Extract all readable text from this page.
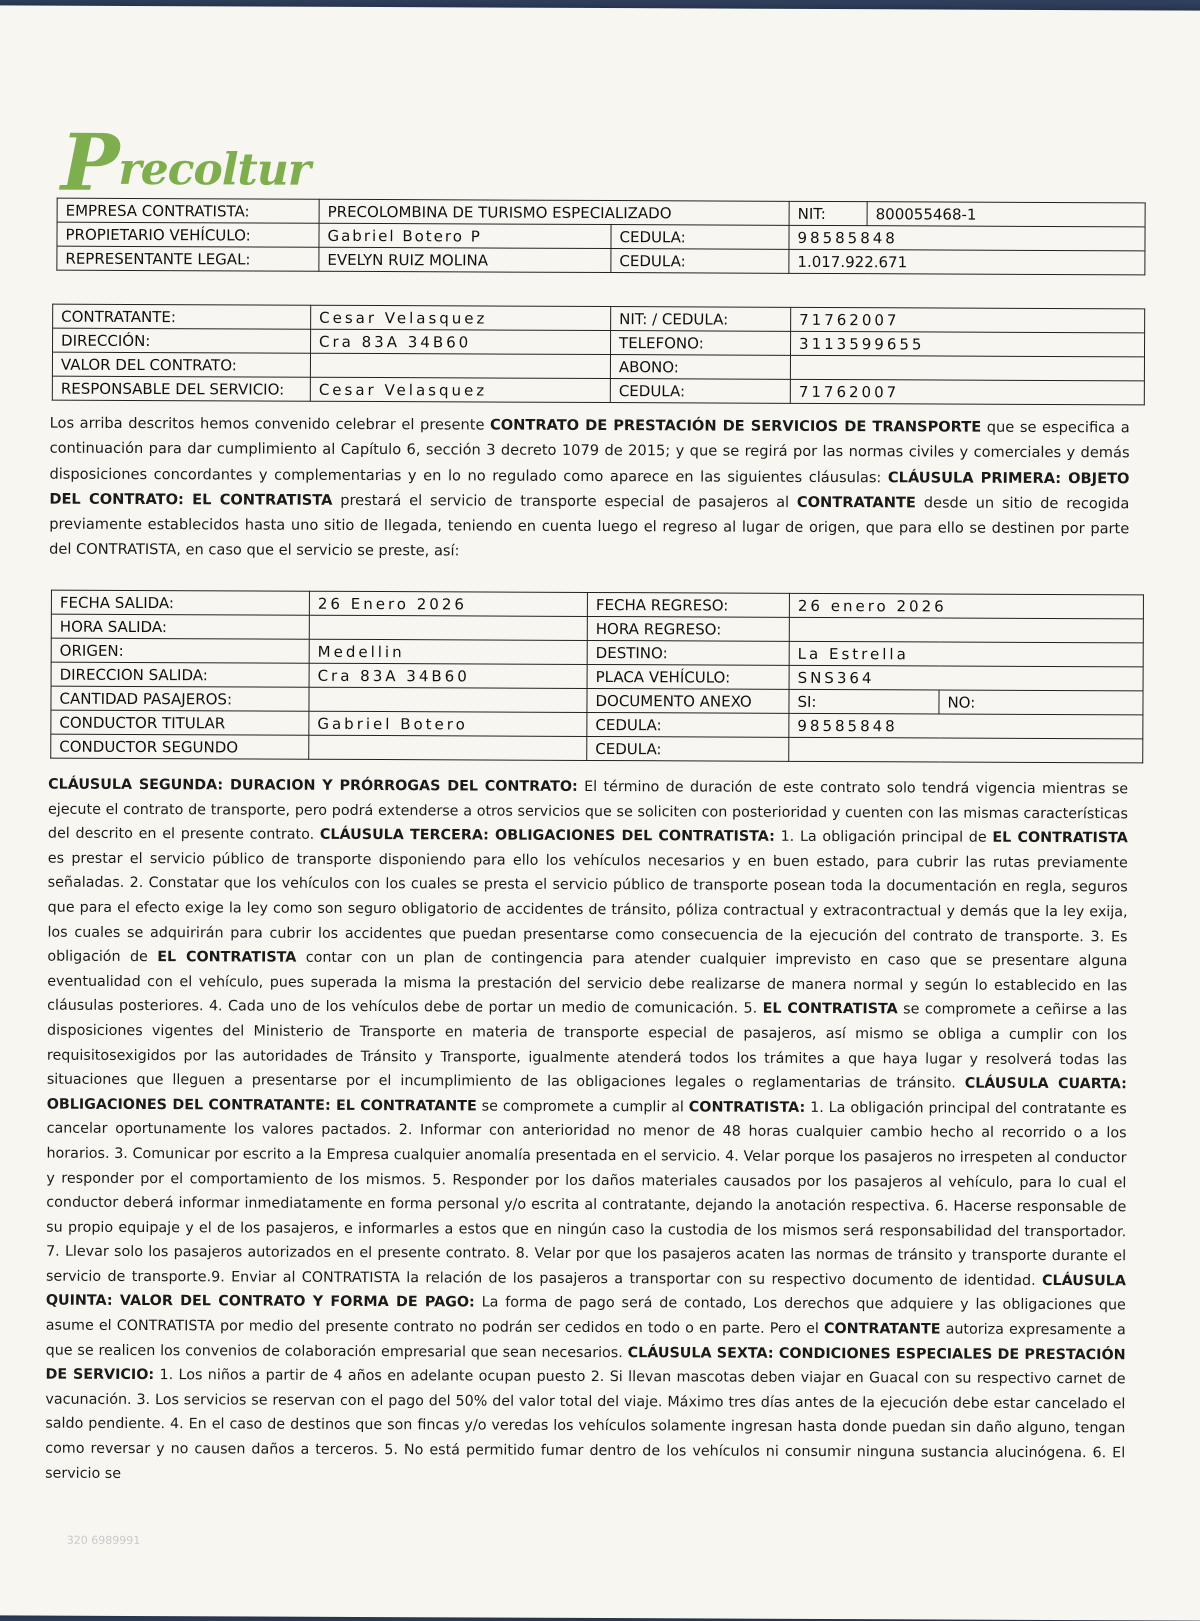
Precoltur
EMPRESA CONTRATISTA:	PRECOLOMBINA DE TURISMO ESPECIALIZADO		NIT:	800055468-1
PROPIETARIO VEHÍCULO:	Gabriel Botero P	CEDULA:	98585848	
REPRESENTANTE LEGAL:	EVELYN RUIZ MOLINA	CEDULA:	1.017.922.671	
CONTRATANTE:	Cesar Velasquez	NIT: / CEDULA:	71762007
DIRECCIÓN:	Cra 83A 34B60	TELEFONO:	3113599655
VALOR DEL CONTRATO:		ABONO:	
RESPONSABLE DEL SERVICIO:	Cesar Velasquez	CEDULA:	71762007
Los arriba descritos hemos convenido celebrar el presente CONTRATO DE PRESTACIÓN DE SERVICIOS DE TRANSPORTE que se especifica a continuación para dar cumplimiento al Capítulo 6, sección 3 decreto 1079 de 2015; y que se regirá por las normas civiles y comerciales y demás disposiciones concordantes y complementarias y en lo no regulado como aparece en las siguientes cláusulas: CLÁUSULA PRIMERA: OBJETO DEL CONTRATO: EL CONTRATISTA prestará el servicio de transporte especial de pasajeros al CONTRATANTE desde un sitio de recogida previamente establecidos hasta uno sitio de llegada, teniendo en cuenta luego el regreso al lugar de origen, que para ello se destinen por parte del CONTRATISTA, en caso que el servicio se preste, así:
FECHA SALIDA:	26 Enero 2026	FECHA REGRESO:	26 enero 2026	
HORA SALIDA:		HORA REGRESO:		
ORIGEN:	Medellin	DESTINO:	La Estrella	
DIRECCION SALIDA:	Cra 83A 34B60	PLACA VEHÍCULO:	SNS364	
CANTIDAD PASAJEROS:		DOCUMENTO ANEXO	SI:	NO:
CONDUCTOR TITULAR	Gabriel Botero	CEDULA:	98585848	
CONDUCTOR SEGUNDO		CEDULA:		
CLÁUSULA SEGUNDA: DURACION Y PRÓRROGAS DEL CONTRATO: El término de duración de este contrato solo tendrá vigencia mientras se ejecute el contrato de transporte, pero podrá extenderse a otros servicios que se soliciten con posterioridad y cuenten con las mismas características del descrito en el presente contrato. CLÁUSULA TERCERA: OBLIGACIONES DEL CONTRATISTA: 1. La obligación principal de EL CONTRATISTA es prestar el servicio público de transporte disponiendo para ello los vehículos necesarios y en buen estado, para cubrir las rutas previamente señaladas. 2. Constatar que los vehículos con los cuales se presta el servicio público de transporte posean toda la documentación en regla, seguros que para el efecto exige la ley como son seguro obligatorio de accidentes de tránsito, póliza contractual y extracontractual y demás que la ley exija, los cuales se adquirirán para cubrir los accidentes que puedan presentarse como consecuencia de la ejecución del contrato de transporte. 3. Es obligación de EL CONTRATISTA contar con un plan de contingencia para atender cualquier imprevisto en caso que se presentare alguna eventualidad con el vehículo, pues superada la misma la prestación del servicio debe realizarse de manera normal y según lo establecido en las cláusulas posteriores. 4. Cada uno de los vehículos debe de portar un medio de comunicación. 5. EL CONTRATISTA se compromete a ceñirse a las disposiciones vigentes del Ministerio de Transporte en materia de transporte especial de pasajeros, así mismo se obliga a cumplir con los requisitosexigidos por las autoridades de Tránsito y Transporte, igualmente atenderá todos los trámites a que haya lugar y resolverá todas las situaciones que lleguen a presentarse por el incumplimiento de las obligaciones legales o reglamentarias de tránsito. CLÁUSULA CUARTA: OBLIGACIONES DEL CONTRATANTE: EL CONTRATANTE se compromete a cumplir al CONTRATISTA: 1. La obligación principal del contratante es cancelar oportunamente los valores pactados. 2. Informar con anterioridad no menor de 48 horas cualquier cambio hecho al recorrido o a los horarios. 3. Comunicar por escrito a la Empresa cualquier anomalía presentada en el servicio. 4. Velar porque los pasajeros no irrespeten al conductor y responder por el comportamiento de los mismos. 5. Responder por los daños materiales causados por los pasajeros al vehículo, para lo cual el conductor deberá informar inmediatamente en forma personal y/o escrita al contratante, dejando la anotación respectiva. 6. Hacerse responsable de su propio equipaje y el de los pasajeros, e informarles a estos que en ningún caso la custodia de los mismos será responsabilidad del transportador. 7. Llevar solo los pasajeros autorizados en el presente contrato. 8. Velar por que los pasajeros acaten las normas de tránsito y transporte durante el servicio de transporte.9. Enviar al CONTRATISTA la relación de los pasajeros a transportar con su respectivo documento de identidad. CLÁUSULA QUINTA: VALOR DEL CONTRATO Y FORMA DE PAGO: La forma de pago será de contado, Los derechos que adquiere y las obligaciones que asume el CONTRATISTA por medio del presente contrato no podrán ser cedidos en todo o en parte. Pero el CONTRATANTE autoriza expresamente a que se realicen los convenios de colaboración empresarial que sean necesarios. CLÁUSULA SEXTA: CONDICIONES ESPECIALES DE PRESTACIÓN DE SERVICIO: 1. Los niños a partir de 4 años en adelante ocupan puesto 2. Si llevan mascotas deben viajar en Guacal con su respectivo carnet de vacunación. 3. Los servicios se reservan con el pago del 50% del valor total del viaje. Máximo tres días antes de la ejecución debe estar cancelado el saldo pendiente. 4. En el caso de destinos que son fincas y/o veredas los vehículos solamente ingresan hasta donde puedan sin daño alguno, tengan como reversar y no causen daños a terceros. 5. No está permitido fumar dentro de los vehículos ni consumir ninguna sustancia alucinógena. 6. El servicio se
320 6989991
